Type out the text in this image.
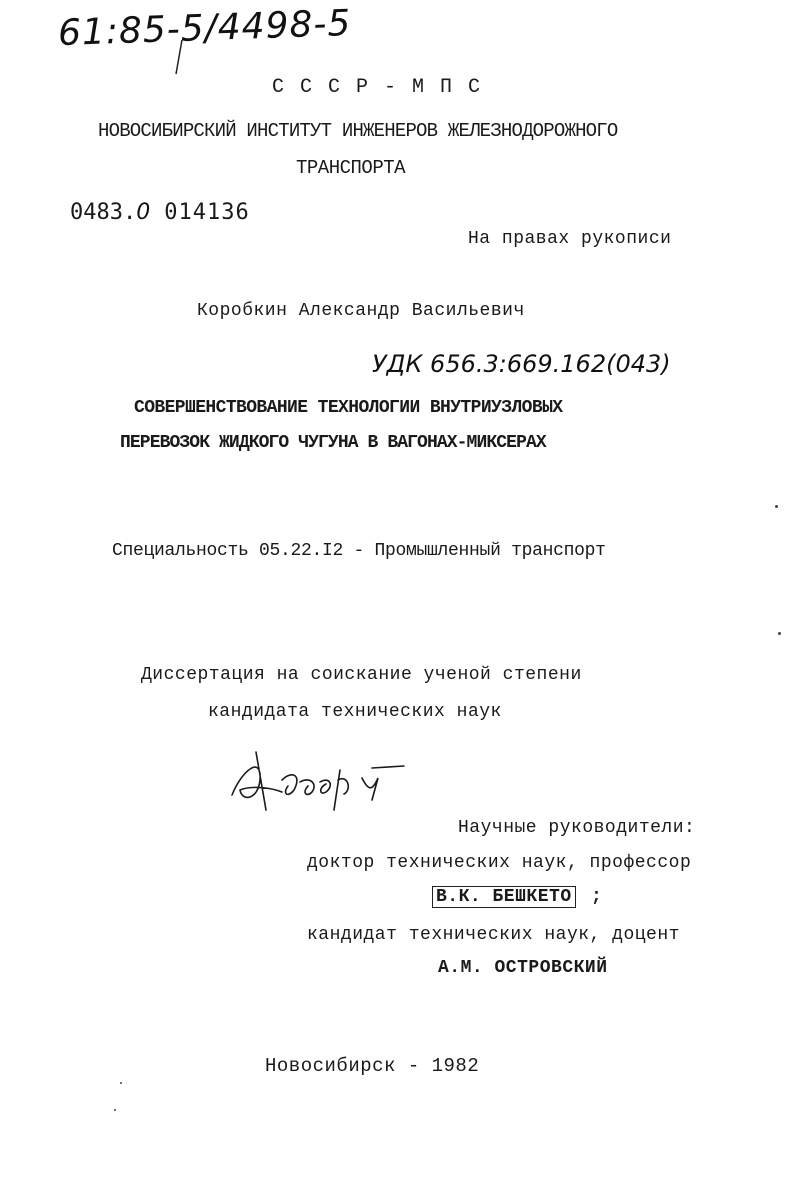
61:85-5/4498-5
С С С Р - М П С
НОВОСИБИРСКИЙ ИНСТИТУТ ИНЖЕНЕРОВ ЖЕЛЕЗНОДОРОЖНОГО
ТРАНСПОРТА
0483.0 014136
На правах рукописи
Коробкин Александр Васильевич
УДК 656.3:669.162(043)
СОВЕРШЕНСТВОВАНИЕ ТЕХНОЛОГИИ ВНУТРИУЗЛОВЫХ
ПЕРЕВОЗОК ЖИДКОГО ЧУГУНА В ВАГОНАХ-МИКСЕРАХ
Специальность 05.22.I2 - Промышленный транспорт
Диссертация на соискание ученой степени
кандидата технических наук
Научные руководители:
доктор технических наук, профессор
В.К. БЕШКЕТО ;
кандидат технических наук, доцент
А.М. ОСТРОВСКИЙ
Новосибирск - 1982
